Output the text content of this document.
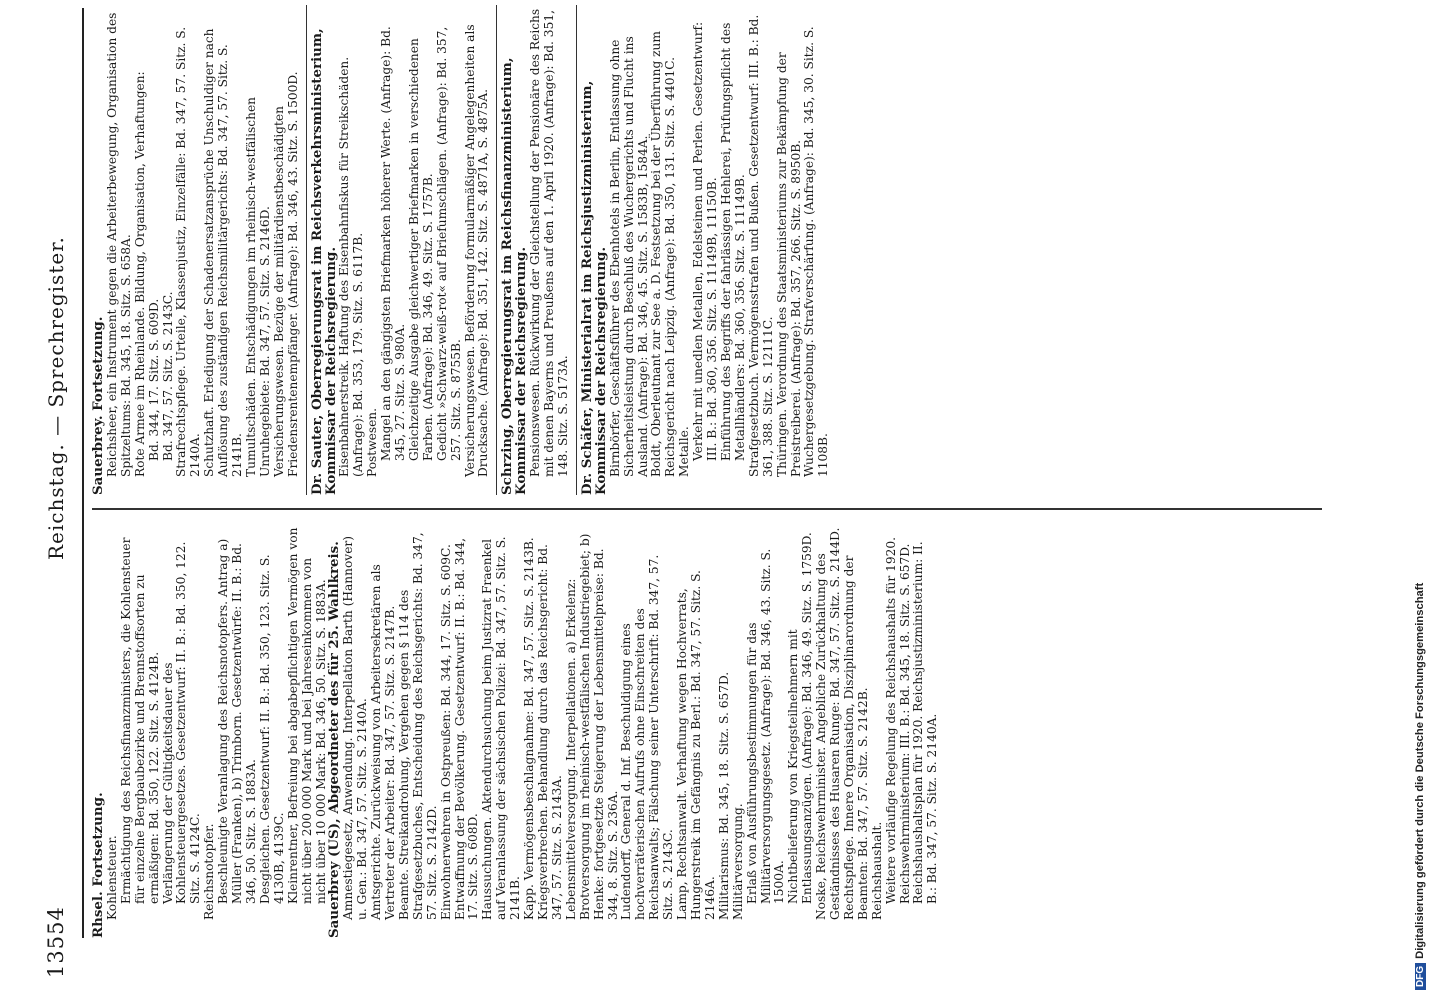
13554
Reichstag. — Sprechregister.

Rhsel. Fortsetzung.

Kohlensteuer. Ermächtigung des Reichsfinanzministers, die Kohlensteuer für einzelne Bergbaubezirke und Brennstoffsorten zu ermäßigen: Bd. 350, 122. Sitz. S. 4124B. Verlängerung der Gültigkeitsdauer des Kohlensteuergesetzes. Gesetzentwurf: II. B.: Bd. 350, 122. Sitz. S. 4124C. Reichsnotopfer. Beschleunigte Veranlagung des Reichsnotopfers. Antrag a) Müller (Franken), b) Trimborn. Gesetzentwürfe: II. B.: Bd. 346, 50. Sitz. S. 1883A. Desgleichen. Gesetzentwurf: II. B.: Bd. 350, 123. Sitz. S. 4130B, 4139C. Kleinrentner, Befreiung bei abgabepflichtigen Vermögen von nicht über 200 000 Mark und bei Jahreseinkommen von nicht über 10 000 Mark: Bd. 346, 50. Sitz. S. 1883A.

Sauerbrey (US), Abgeordneter des für 25. Wahlkreis.

Amnestiegesetz, Anwendung. Interpellation Barth (Hannover) u. Gen.: Bd. 347, 57. Sitz. S. 2140A. Amtsgerichte. Zurückweisung von Arbeitersekretären als Vertreter der Arbeiter: Bd. 347, 57. Sitz. S. 2147B. Beamte. Streikandrohung, Vergehen gegen § 114 des Strafgesetzbuches, Entscheidung des Reichsgerichts: Bd. 347, 57. Sitz. S. 2142D. Einwohnerwehren in Ostpreußen: Bd. 344, 17. Sitz. S. 609C. Entwaffnung der Bevölkerung. Gesetzentwurf: II. B.: Bd. 344, 17. Sitz. S. 608D. Haussuchungen. Aktendurchsuchung beim Justizrat Fraenkel auf Veranlassung der sächsischen Polizei: Bd. 347, 57. Sitz. S. 2141B. Kapp. Vermögensbeschlagnahme: Bd. 347, 57. Sitz. S. 2143B. Kriegsverbrechen. Behandlung durch das Reichsgericht: Bd. 347, 57. Sitz. S. 2143A. Lebensmittelversorgung. Interpellationen. a) Erkelenz: Brotversorgung im rheinisch-westfälischen Industriegebiet; b) Henke: fortgesetzte Steigerung der Lebensmittelpreise: Bd. 344, 8. Sitz. S. 236A. Ludendorff, General d. Inf. Beschuldigung eines hochverräterischen Aufrufs ohne Einschreiten des Reichsanwalts; Fälschung seiner Unterschrift: Bd. 347, 57. Sitz. S. 2143C. Lamp, Rechtsanwalt. Verhaftung wegen Hochverrats, Hungerstreik im Gefängnis zu Berl.: Bd. 347, 57. Sitz. S. 2146A. Militarismus: Bd. 345, 18. Sitz. S. 657D. Militärversorgung. Erlaß von Ausführungsbestimmungen für das Militärversorgungsgesetz. (Anfrage): Bd. 346, 43. Sitz. S. 1500A. Nichtbelieferung von Kriegsteilnehmern mit Entlassungsanzügen. (Anfrage): Bd. 346, 49. Sitz. S. 1759D. Noske, Reichswehrminister. Angebliche Zurückhaltung des Geständnisses des Husaren Runge: Bd. 347, 57. Sitz. S. 2144D. Rechtspflege. Innere Organisation, Disziplinarordnung der Beamten: Bd. 347, 57. Sitz. S. 2142B. Reichshaushalt. Weitere vorläufige Regelung des Reichshaushalts für 1920. Reichswehrministerium: III. B.: Bd. 345, 18. Sitz. S. 657D. Reichshaushaltsplan für 1920. Reichsjustizministerium: II. B.: Bd. 347, 57. Sitz. S. 2140A.

Sauerbrey. Fortsetzung.

Reichsheer, ein Instrument gegen die Arbeiterbewegung, Organisation des Spitzeltums: Bd. 345, 18. Sitz. S. 658A. Rote Armee im Rheinlande. Bildung, Organisation, Verhaftungen: Bd. 344, 17. Sitz. S. 609D. Bd. 347, 57. Sitz. S. 2143C. Strafrechtspflege. Urteile, Klassenjustiz, Einzelfälle: Bd. 347, 57. Sitz. S. 2140A. Schutzhaft. Erledigung der Schadenersatzansprüche Unschuldiger nach Auflösung des zuständigen Reichsmilitärgerichts: Bd. 347, 57. Sitz. S. 2141B. Tumultschäden. Entschädigungen im rheinisch-westfälischen Unruhegebiete: Bd. 347, 57. Sitz. S. 2146D. Versicherungswesen. Bezüge der militärdienstbeschädigten Friedensrentenempfänger. (Anfrage): Bd. 346, 43. Sitz. S. 1500D. Dr. Sauter, Oberregierungsrat im Reichsverkehrsministerium, Kommissar der Reichsregierung.

Eisenbahnerstreik. Haftung des Eisenbahnfiskus für Streikschäden. (Anfrage): Bd. 353, 179. Sitz. S. 6117B. Postwesen. Mangel an den gängigsten Briefmarken höherer Werte. (Anfrage): Bd. 345, 27. Sitz. S. 980A. Gleichzeitige Ausgabe gleichwertiger Briefmarken in verschiedenen Farben. (Anfrage): Bd. 346, 49. Sitz. S. 1757B. Gedicht »Schwarz-weiß-rot« auf Briefumschlägen. (Anfrage): Bd. 357, 257. Sitz. S. 8755B. Versicherungswesen. Beförderung formularmäßiger Angelegenheiten als Drucksache. (Anfrage): Bd. 351, 142. Sitz. S. 4871A, S. 4875A. Schrzing, Oberregierungsrat im Reichsfinanzministerium, Kommissar der Reichsregierung.

Pensionswesen. Rückwirkung der Gleichstellung der Pensionäre des Reichs mit denen Bayerns und Preußens auf den 1. April 1920. (Anfrage): Bd. 351, 148. Sitz. S. 5173A. Dr. Schäfer, Ministerialrat im Reichsjustizministerium, Kommissar der Reichsregierung.

Birnbörfer, Geschäftsführer des Ebenhotels in Berlin, Entlassung ohne Sicherheitsleistung durch Beschluß des Wuchergerichts und Flucht ins Ausland. (Anfrage): Bd. 346, 45. Sitz. S. 1583B, 1584A. Boldt, Oberleutnant zur See a. D. Festsetzung bei der Überführung zum Reichsgericht nach Leipzig. (Anfrage): Bd. 350, 131. Sitz. S. 4401C. Metalle. Verkehr mit unedlen Metallen, Edelsteinen und Perlen. Gesetzentwurf: III. B.: Bd. 360, 356. Sitz. S. 11149B, 11150B. Einführung des Begriffs der fahrlässigen Hehlerei, Prüfungspflicht des Metallhändlers: Bd. 360, 356. Sitz. S. 11149B. Strafgesetzbuch. Vermögensstrafen und Bußen. Gesetzentwurf: III. B.: Bd. 361, 388. Sitz. S. 12111C. Thüringen. Verordnung des Staatsministeriums zur Bekämpfung der Preistreiberei. (Anfrage): Bd. 357, 266. Sitz. S. 8950B. Wuchergesetzgebung. Strafverschärfung. (Anfrage): Bd. 345, 30. Sitz. S. 1108B.

DFGDigitalisierung gefördert durch die Deutsche Forschungsgemeinschaft
